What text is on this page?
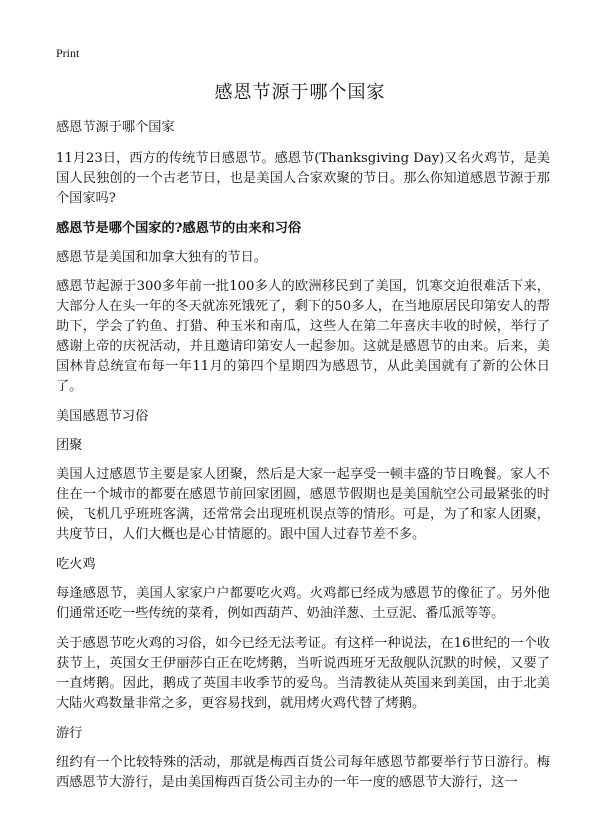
Print
感恩节源于哪个国家

感恩节源于哪个国家

11月23日，西方的传统节日感恩节。感恩节(Thanksgiving Day)又名火鸡节，是美国人民独创的一个古老节日，也是美国人合家欢聚的节日。那么你知道感恩节源于那个国家吗?

感恩节是哪个国家的?感恩节的由来和习俗

感恩节是美国和加拿大独有的节日。

感恩节起源于300多年前一批100多人的欧洲移民到了美国，饥寒交迫很难活下来，大部分人在头一年的冬天就冻死饿死了，剩下的50多人，在当地原居民印第安人的帮助下，学会了钓鱼、打猎、种玉米和南瓜，这些人在第二年喜庆丰收的时候，举行了感谢上帝的庆祝活动，并且邀请印第安人一起参加。这就是感恩节的由来。后来，美国林肯总统宣布每一年11月的第四个星期四为感恩节，从此美国就有了新的公休日了。

美国感恩节习俗

团聚

美国人过感恩节主要是家人团聚，然后是大家一起享受一顿丰盛的节日晚餐。家人不住在一个城市的都要在感恩节前回家团圆，感恩节假期也是美国航空公司最紧张的时候，飞机几乎班班客满，还常常会出现班机误点等的情形。可是，为了和家人团聚，共度节日，人们大概也是心甘情愿的。跟中国人过春节差不多。

吃火鸡

每逢感恩节，美国人家家户户都要吃火鸡。火鸡都已经成为感恩节的像征了。另外他们通常还吃一些传统的菜肴，例如西葫芦、奶油洋葱、土豆泥、番瓜派等等。

关于感恩节吃火鸡的习俗，如今已经无法考证。有这样一种说法，在16世纪的一个收获节上，英国女王伊丽莎白正在吃烤鹅，当听说西班牙无敌舰队沉默的时候，又要了一直烤鹅。因此，鹅成了英国丰收季节的爱鸟。当清教徒从英国来到美国，由于北美大陆火鸡数量非常之多，更容易找到，就用烤火鸡代替了烤鹅。

游行

纽约有一个比较特殊的活动，那就是梅西百货公司每年感恩节都要举行节日游行。梅西感恩节大游行，是由美国梅西百货公司主办的一年一度的感恩节大游行，这一
